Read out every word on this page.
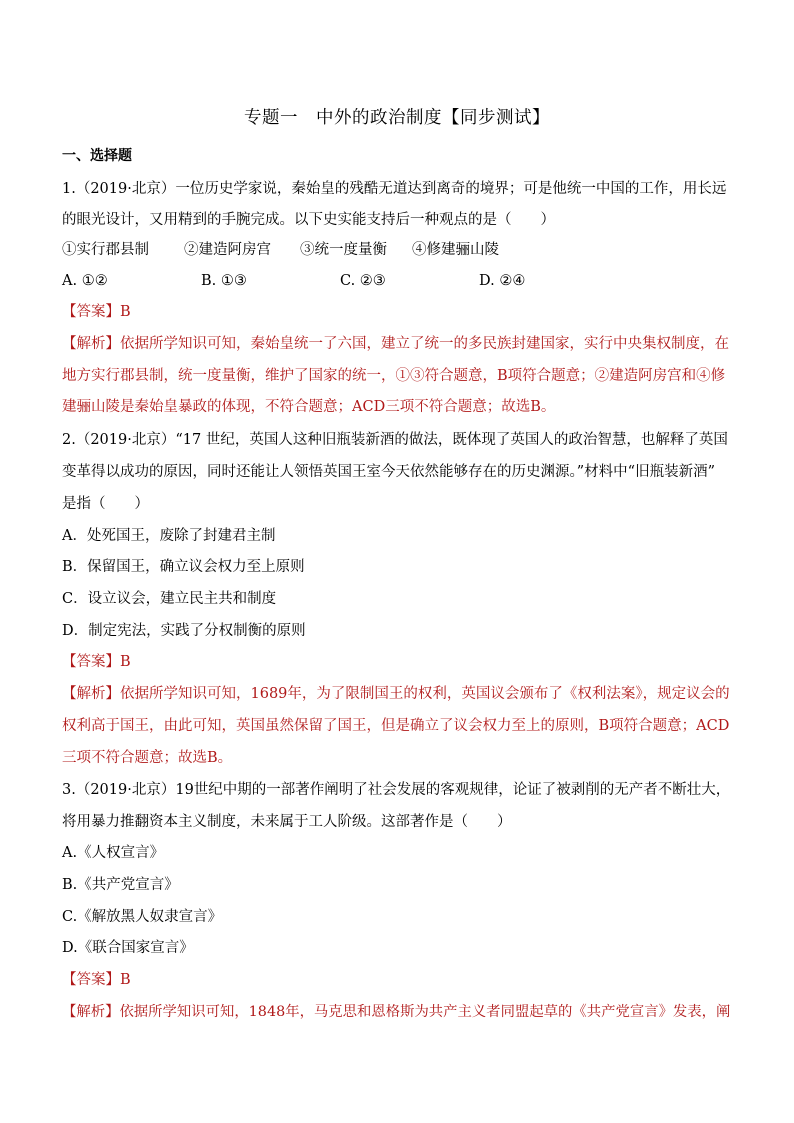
专题一　中外的政治制度【同步测试】
一、选择题
1.（2019·北京）一位历史学家说，秦始皇的残酷无道达到离奇的境界；可是他统一中国的工作，用长远
的眼光设计，又用精到的手腕完成。以下史实能支持后一种观点的是（　　）
①实行郡县制 ②建造阿房宫 ③统一度量衡 ④修建骊山陵
A. ①②	B. ①③	C. ②③	D. ②④
【答案】B
【解析】依据所学知识可知，秦始皇统一了六国，建立了统一的多民族封建国家，实行中央集权制度，在
地方实行郡县制，统一度量衡，维护了国家的统一，①③符合题意，B项符合题意；②建造阿房宫和④修
建骊山陵是秦始皇暴政的体现，不符合题意；ACD三项不符合题意；故选B。
2.（2019·北京）“17 世纪，英国人这种旧瓶装新酒的做法，既体现了英国人的政治智慧，也解释了英国
变革得以成功的原因，同时还能让人领悟英国王室今天依然能够存在的历史渊源。”材料中“旧瓶装新酒”
是指（　　）
A．处死国王，废除了封建君主制
B．保留国王，确立议会权力至上原则
C．设立议会，建立民主共和制度
D．制定宪法，实践了分权制衡的原则
【答案】B
【解析】依据所学知识可知，1689年，为了限制国王的权利，英国议会颁布了《权利法案》，规定议会的
权利高于国王，由此可知，英国虽然保留了国王，但是确立了议会权力至上的原则，B项符合题意；ACD
三项不符合题意；故选B。
3.（2019·北京）19世纪中期的一部著作阐明了社会发展的客观规律，论证了被剥削的无产者不断壮大，
将用暴力推翻资本主义制度，未来属于工人阶级。这部著作是（　　）
A.《人权宣言》
B.《共产党宣言》
C.《解放黑人奴隶宣言》
D.《联合国家宣言》
【答案】B
【解析】依据所学知识可知，1848年，马克思和恩格斯为共产主义者同盟起草的《共产党宣言》发表，阐
